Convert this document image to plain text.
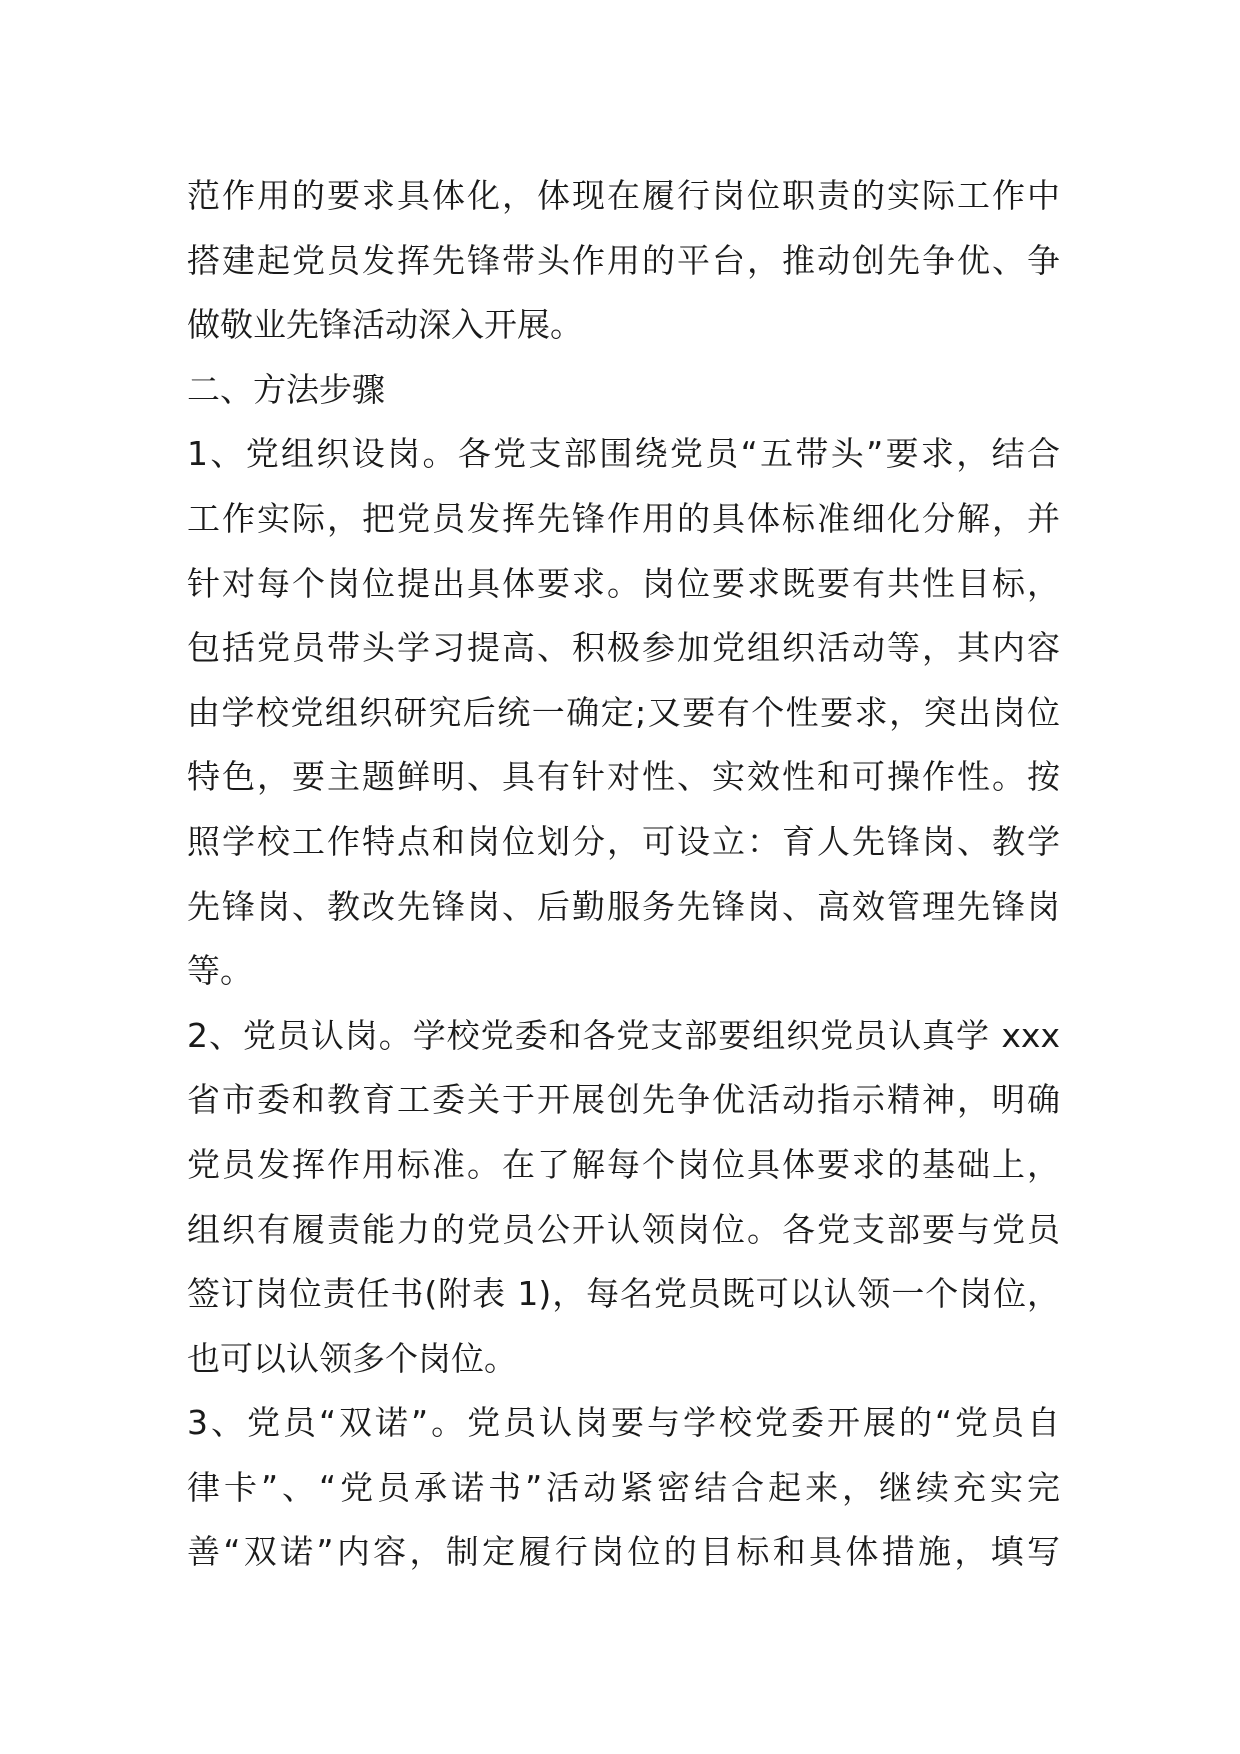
范作用的要求具体化，体现在履行岗位职责的实际工作中
搭建起党员发挥先锋带头作用的平台，推动创先争优、争
做敬业先锋活动深入开展。
二、方法步骤
1、党组织设岗。各党支部围绕党员“五带头”要求，结合
工作实际，把党员发挥先锋作用的具体标准细化分解，并
针对每个岗位提出具体要求。岗位要求既要有共性目标，
包括党员带头学习提高、积极参加党组织活动等，其内容
由学校党组织研究后统一确定;又要有个性要求，突出岗位
特色，要主题鲜明、具有针对性、实效性和可操作性。按
照学校工作特点和岗位划分，可设立：育人先锋岗、教学
先锋岗、教改先锋岗、后勤服务先锋岗、高效管理先锋岗
等。
2、党员认岗。学校党委和各党支部要组织党员认真学 xxx
省市委和教育工委关于开展创先争优活动指示精神，明确
党员发挥作用标准。在了解每个岗位具体要求的基础上，
组织有履责能力的党员公开认领岗位。各党支部要与党员
签订岗位责任书(附表 1)，每名党员既可以认领一个岗位，
也可以认领多个岗位。
3、党员“双诺”。党员认岗要与学校党委开展的“党员自
律卡”、“党员承诺书”活动紧密结合起来，继续充实完
善“双诺”内容，制定履行岗位的目标和具体措施，填写
